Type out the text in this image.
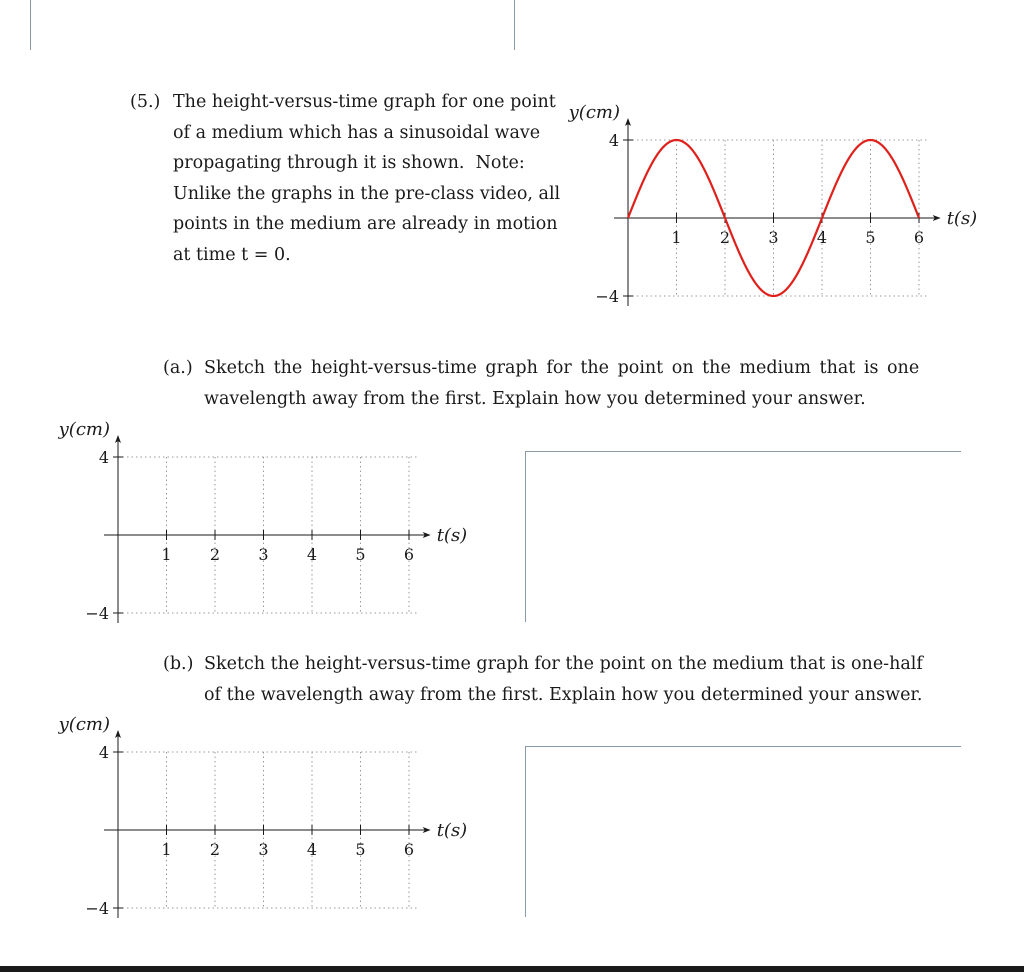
(5.) The height-versus-time graph for one point
of a medium which has a sinusoidal wave
propagating through it is shown.  Note:
Unlike the graphs in the pre-class video, all
points in the medium are already in motion
at time t = 0.
1 2 3 4 5 6
4
−4
y(cm)
t(s)
(a.) Sketch the height-versus-time graph for the point on the medium that is one
wavelength away from the first. Explain how you determined your answer.
1 2 3 4 5 6
4
−4
y(cm)
t(s)
(b.) Sketch the height-versus-time graph for the point on the medium that is one-half
of the wavelength away from the first. Explain how you determined your answer.
1 2 3 4 5 6
4
−4
y(cm)
t(s)
